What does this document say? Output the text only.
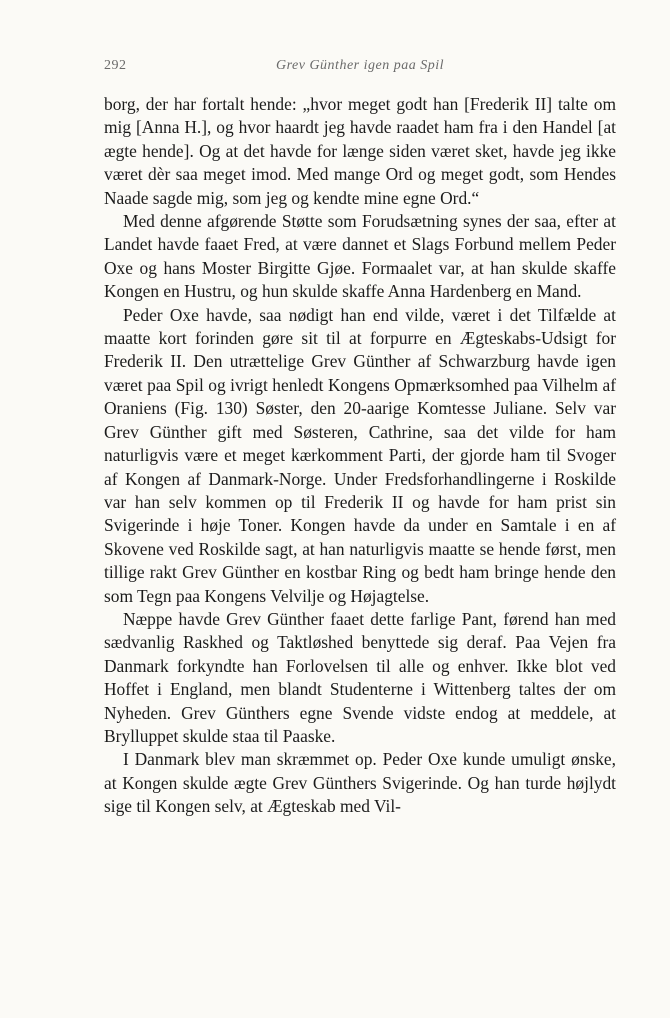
292	Grev Günther igen paa Spil

borg, der har fortalt hende: „hvor meget godt han [Frederik II] talte om mig [Anna H.], og hvor haardt jeg havde raadet ham fra i den Handel [at ægte hende]. Og at det havde for længe siden været sket, havde jeg ikke været dèr saa meget imod. Med mange Ord og meget godt, som Hendes Naade sagde mig, som jeg og kendte mine egne Ord.“

Med denne afgørende Støtte som Forudsætning synes der saa, efter at Landet havde faaet Fred, at være dannet et Slags Forbund mellem Peder Oxe og hans Moster Birgitte Gjøe. Formaalet var, at han skulde skaffe Kongen en Hustru, og hun skulde skaffe Anna Hardenberg en Mand.

Peder Oxe havde, saa nødigt han end vilde, været i det Tilfælde at maatte kort forinden gøre sit til at forpurre en Ægteskabs-Udsigt for Frederik II. Den utrættelige Grev Günther af Schwarzburg havde igen været paa Spil og ivrigt henledt Kongens Opmærksomhed paa Vilhelm af Oraniens (Fig. 130) Søster, den 20-aarige Komtesse Juliane. Selv var Grev Günther gift med Søsteren, Cathrine, saa det vilde for ham naturligvis være et meget kærkomment Parti, der gjorde ham til Svoger af Kongen af Danmark-Norge. Under Fredsforhandlingerne i Roskilde var han selv kommen op til Frederik II og havde for ham prist sin Svigerinde i høje Toner. Kongen havde da under en Samtale i en af Skovene ved Roskilde sagt, at han naturligvis maatte se hende først, men tillige rakt Grev Günther en kostbar Ring og bedt ham bringe hende den som Tegn paa Kongens Velvilje og Højagtelse.

Næppe havde Grev Günther faaet dette farlige Pant, førend han med sædvanlig Raskhed og Taktløshed benyttede sig deraf. Paa Vejen fra Danmark forkyndte han Forlovelsen til alle og enhver. Ikke blot ved Hoffet i England, men blandt Studenterne i Wittenberg taltes der om Nyheden. Grev Günthers egne Svende vidste endog at meddele, at Brylluppet skulde staa til Paaske.

I Danmark blev man skræmmet op. Peder Oxe kunde umuligt ønske, at Kongen skulde ægte Grev Günthers Svigerinde. Og han turde højlydt sige til Kongen selv, at Ægteskab med Vil-
